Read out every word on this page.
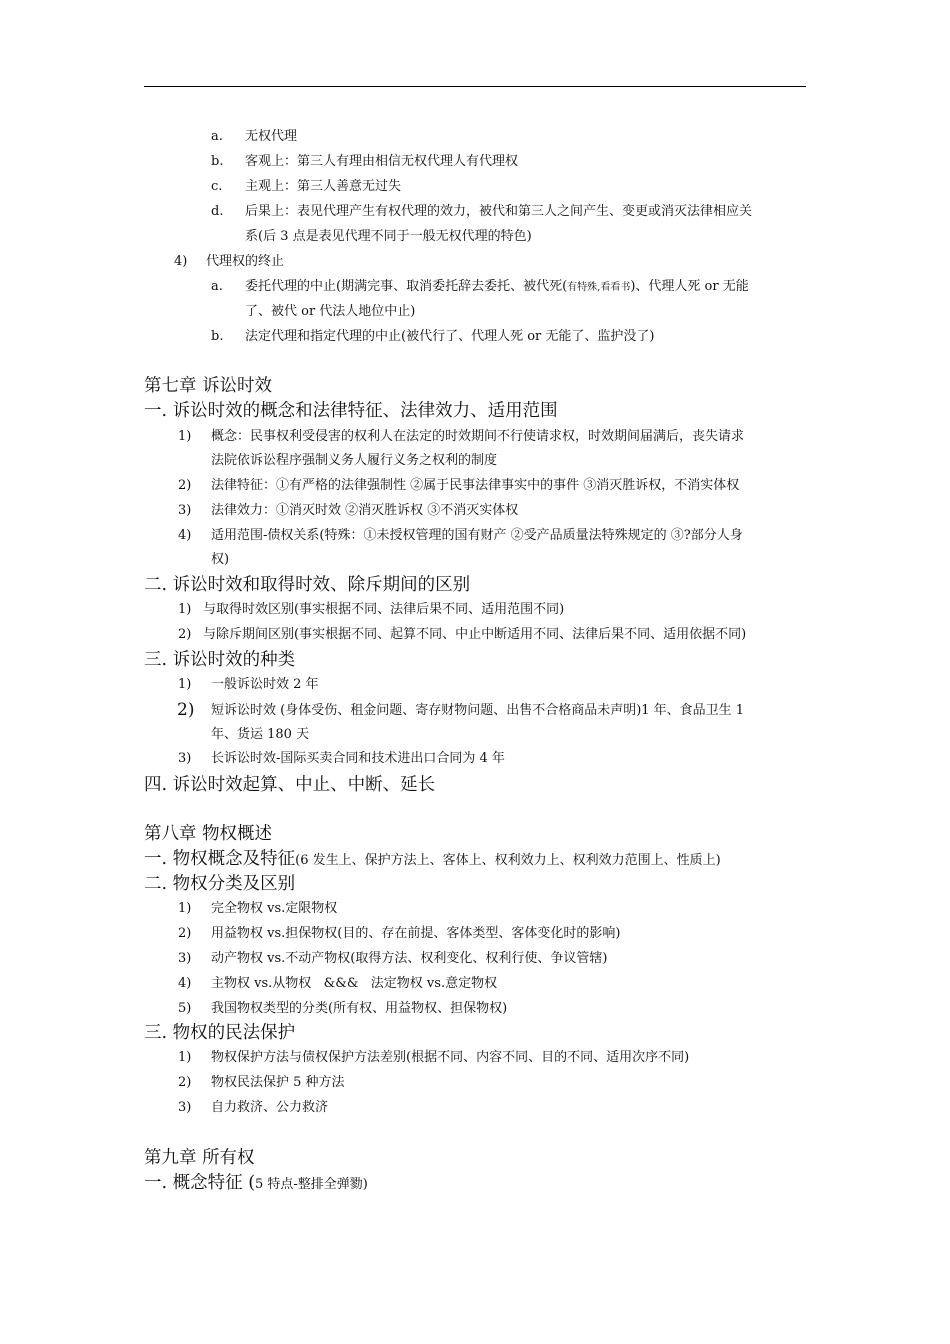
a. 无权代理
b. 客观上：第三人有理由相信无权代理人有代理权
c. 主观上：第三人善意无过失
d. 后果上：表见代理产生有权代理的效力，被代和第三人之间产生、变更或消灭法律相应关
系(后 3 点是表见代理不同于一般无权代理的特色)
4) 代理权的终止
a. 委托代理的中止(期满完事、取消委托辞去委托、被代死(有特殊,看看书)、代理人死 or 无能
了、被代 or 代法人地位中止)
b. 法定代理和指定代理的中止(被代行了、代理人死 or 无能了、监护没了)
第七章 诉讼时效
一. 诉讼时效的概念和法律特征、法律效力、适用范围
1) 概念：民事权利受侵害的权利人在法定的时效期间不行使请求权，时效期间届满后，丧失请求
法院依诉讼程序强制义务人履行义务之权利的制度
2) 法律特征：①有严格的法律强制性 ②属于民事法律事实中的事件 ③消灭胜诉权，不消实体权
3) 法律效力：①消灭时效 ②消灭胜诉权 ③不消灭实体权
4) 适用范围-债权关系(特殊：①未授权管理的国有财产 ②受产品质量法特殊规定的 ③?部分人身
权)
二. 诉讼时效和取得时效、除斥期间的区别
1) 与取得时效区别(事实根据不同、法律后果不同、适用范围不同)
2) 与除斥期间区别(事实根据不同、起算不同、中止中断适用不同、法律后果不同、适用依据不同)
三. 诉讼时效的种类
1) 一般诉讼时效 2 年
2) 短诉讼时效 (身体受伤、租金问题、寄存财物问题、出售不合格商品未声明)1 年、食品卫生 1
年、货运 180 天
3) 长诉讼时效-国际买卖合同和技术进出口合同为 4 年
四. 诉讼时效起算、中止、中断、延长
第八章 物权概述
一. 物权概念及特征(6 发生上、保护方法上、客体上、权利效力上、权利效力范围上、性质上)
二. 物权分类及区别
1) 完全物权 vs.定限物权
2) 用益物权 vs.担保物权(目的、存在前提、客体类型、客体变化时的影响)
3) 动产物权 vs.不动产物权(取得方法、权利变化、权利行使、争议管辖)
4) 主物权 vs.从物权   &&&   法定物权 vs.意定物权
5) 我国物权类型的分类(所有权、用益物权、担保物权)
三. 物权的民法保护
1) 物权保护方法与债权保护方法差别(根据不同、内容不同、目的不同、适用次序不同)
2) 物权民法保护 5 种方法
3) 自力救济、公力救济
第九章 所有权
一. 概念特征 (5 特点-整排全弹勠)
